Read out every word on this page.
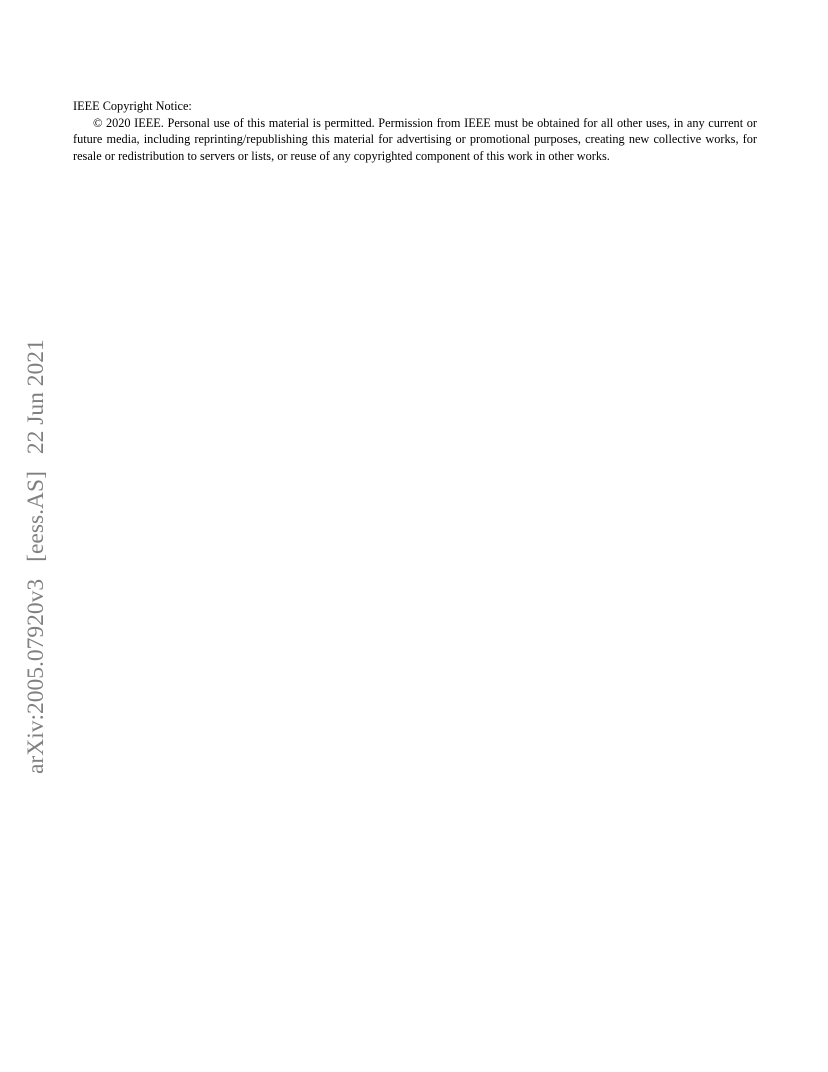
IEEE Copyright Notice:

© 2020 IEEE. Personal use of this material is permitted. Permission from IEEE must be obtained for all other uses, in any current or future media, including reprinting/republishing this material for advertising or promotional purposes, creating new collective works, for resale or redistribution to servers or lists, or reuse of any copyrighted component of this work in other works.

arXiv:2005.07920v3[eess.AS]22 Jun 2021
